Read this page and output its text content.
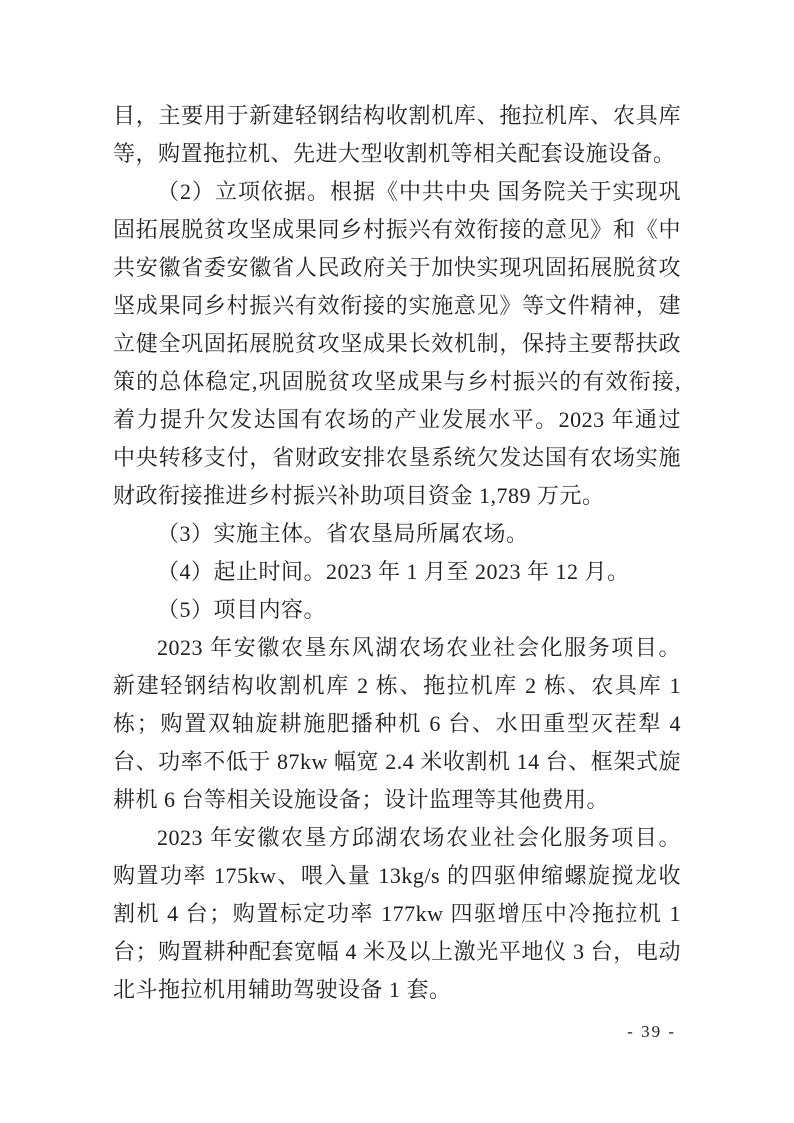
目，主要用于新建轻钢结构收割机库、拖拉机库、农具库等，购置拖拉机、先进大型收割机等相关配套设施设备。

（2）立项依据。根据《中共中央 国务院关于实现巩固拓展脱贫攻坚成果同乡村振兴有效衔接的意见》和《中共安徽省委安徽省人民政府关于加快实现巩固拓展脱贫攻坚成果同乡村振兴有效衔接的实施意见》等文件精神，建立健全巩固拓展脱贫攻坚成果长效机制，保持主要帮扶政策的总体稳定,巩固脱贫攻坚成果与乡村振兴的有效衔接,着力提升欠发达国有农场的产业发展水平。2023 年通过中央转移支付，省财政安排农垦系统欠发达国有农场实施财政衔接推进乡村振兴补助项目资金 1,789 万元。

（3）实施主体。省农垦局所属农场。

（4）起止时间。2023 年 1 月至 2023 年 12 月。

（5）项目内容。

2023 年安徽农垦东风湖农场农业社会化服务项目。新建轻钢结构收割机库 2 栋、拖拉机库 2 栋、农具库 1 栋；购置双轴旋耕施肥播种机 6 台、水田重型灭茬犁 4 台、功率不低于 87kw 幅宽 2.4 米收割机 14 台、框架式旋耕机 6 台等相关设施设备；设计监理等其他费用。

2023 年安徽农垦方邱湖农场农业社会化服务项目。购置功率 175kw、喂入量 13kg/s 的四驱伸缩螺旋搅龙收割机 4 台；购置标定功率 177kw 四驱增压中冷拖拉机 1 台；购置耕种配套宽幅 4 米及以上激光平地仪 3 台，电动北斗拖拉机用辅助驾驶设备 1 套。

- 39 -
